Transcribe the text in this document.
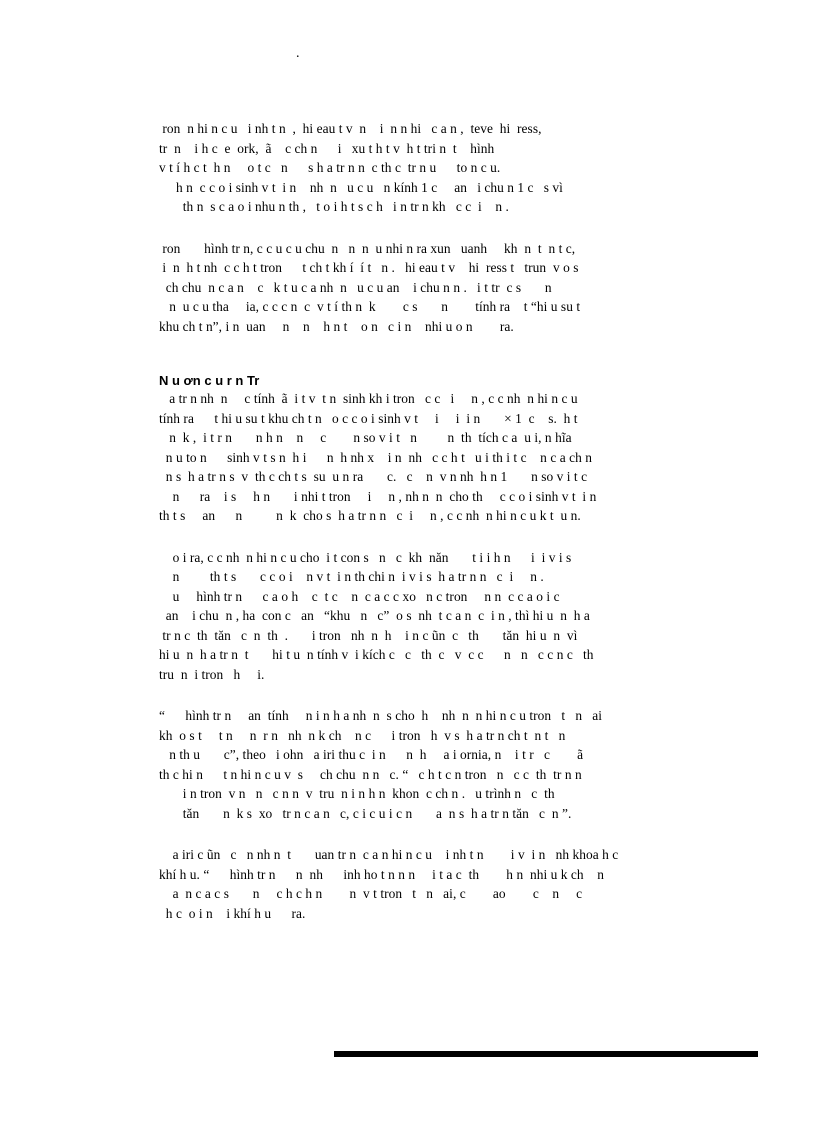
.
ron  n hi n c u   i nh t n  ,  hi eau t v  n    i  n n hi   c a n ,  teve  hi  ress,
tr  n    i h c  e  ork,  ã    c ch n      i   xu t h t v  h t tri n  t    hình
v t í h c t  h n     o t c   n      s h a tr n n  c th c  tr n u      to n c u.
h n  c c o i sinh v t  i n    nh  n   u c u   n kính 1 c     an   i chu n 1 c   s vì
th n  s c a o i nhu n th ,   t o i h t s c h   i n tr n kh   c c  i    n .
ron       hình tr n, c c u c u chu  n   n  n  u nhi n ra xun   uanh     kh  n  t  n t c,
i  n  h t nh  c c h t tron      t ch t kh í  í t   n .   hi eau t v    hi  ress t   trun  v o s
ch chu  n c a n    c   k t u c a nh  n   u c u an    i chu n n .   i t tr  c s       n
n  u c u tha     ia, c c c n  c  v t í th n  k        c s       n        tính ra    t “hi u su t
khu ch t n”, i n  uan     n    n    h n t    o n   c i n    nhi u o n        ra.
N u ơn c u r n Tr
a tr n nh  n     c tính  ã  i t v  t n  sinh kh i tron   c c   i     n , c c nh  n hi n c u
tính ra      t hi u su t khu ch t n   o c c o i sinh v t     i     i  i n       × 1  c    s.  h t
n  k ,  i t r n       n h n    n     c        n so v i t   n         n  th  tích c a  u i, n hĩa
n u to n      sinh v t s n  h i      n  h nh x    i n  nh   c c h t   u i th i t c    n c a ch n
n s  h a tr n s  v  th c ch t s  su  u n ra       c.   c    n  v n nh  h n 1       n so v i t c
n      ra    i s     h n       i nhi t tron     i     n , nh n  n  cho th     c c o i sinh v t  i n
th t s     an      n          n  k  cho s  h a tr n n   c  i     n , c c nh  n hi n c u k t  u n.
o i ra, c c nh  n hi n c u cho  i t con s   n   c  kh  năn       t i i h n      i  i v i s
n         th t s       c c o i    n v t  i n th chi n  i v i s  h a tr n n   c  i     n .
u     hình tr n      c a o h    c  t c    n  c a c c xo   n c tron     n n  c c a o i c
an    i chu  n , ha  con c   an   “khu   n   c”  o s  nh  t c a n  c  i n , thì hi u  n  h a
tr n c  th  tăn   c  n  th  .       i tron   nh  n  h    i n c ũn  c   th       tăn  hi u  n  vì
hi u  n  h a tr n  t       hi t u  n tính v  i kích c   c   th  c   v  c c      n   n   c c n c   th
tru  n  i tron   h     i.
“      hình tr n     an  tính     n i n h a nh  n  s cho  h    nh  n  n hi n c u tron   t   n   ai
kh  o s t     t n     n  r n   nh  n k ch    n c      i tron   h  v s  h a tr n ch t  n t   n
n th u       c”, theo   i ohn   a iri thu c  i n      n  h     a i ornia, n    i t r   c        ã
th c hi n      t n hi n c u v  s     ch chu  n n   c. “   c h t c n tron   n   c c  th  tr n n
i n tron  v n   n   c n n  v  tru  n i n h n  khon  c ch n .   u trình n   c  th
tăn       n  k s  xo   tr n c a n   c, c i c u i c n       a  n s  h a tr n tăn   c  n ”.
a iri c ũn   c   n nh n  t       uan tr n  c a n hi n c u    i nh t n        i v  i n   nh khoa h c
khí h u. “      hình tr n      n  nh      inh ho t n n n     i t a c  th        h n  nhi u k ch    n
a  n c a c s       n     c h c h n        n  v t tron   t   n   ai, c        ao        c    n     c
h c  o i n    i khí h u      ra.
